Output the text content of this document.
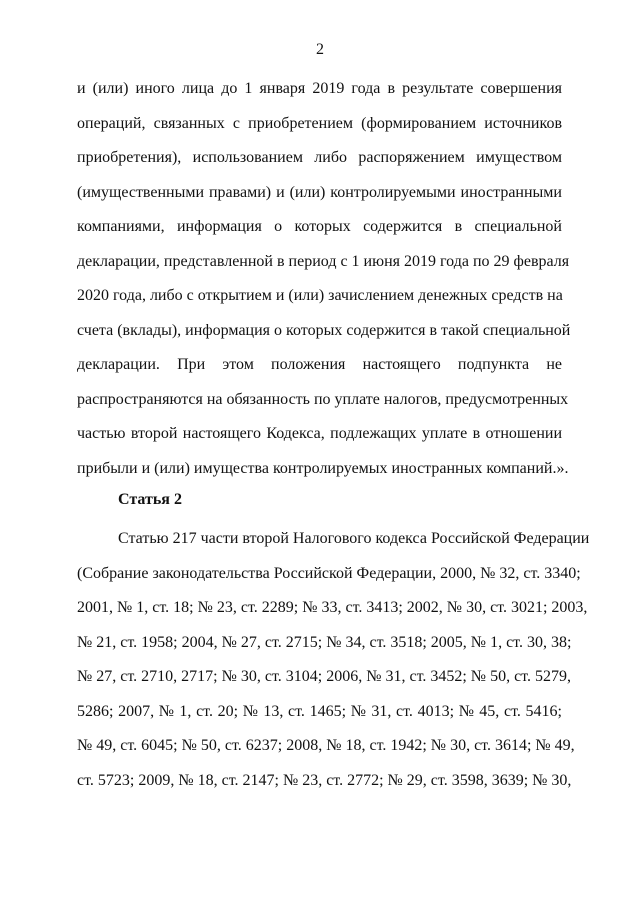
2
и (или) иного лица до 1 января 2019 года в результате совершения
операций, связанных с приобретением (формированием источников
приобретения), использованием либо распоряжением имуществом
(имущественными правами) и (или) контролируемыми иностранными
компаниями, информация о которых содержится в специальной
декларации, представленной в период с 1 июня 2019 года по 29 февраля
2020 года, либо с открытием и (или) зачислением денежных средств на
счета (вклады), информация о которых содержится в такой специальной
декларации. При этом положения настоящего подпункта не
распространяются на обязанность по уплате налогов, предусмотренных
частью второй настоящего Кодекса, подлежащих уплате в отношении
прибыли и (или) имущества контролируемых иностранных компаний.».
Статья 2
Статью 217 части второй Налогового кодекса Российской Федерации
(Собрание законодательства Российской Федерации, 2000, № 32, ст. 3340;
2001, № 1, ст. 18; № 23, ст. 2289; № 33, ст. 3413; 2002, № 30, ст. 3021; 2003,
№ 21, ст. 1958; 2004, № 27, ст. 2715; № 34, ст. 3518; 2005, № 1, ст. 30, 38;
№ 27, ст. 2710, 2717; № 30, ст. 3104; 2006, № 31, ст. 3452; № 50, ст. 5279,
5286; 2007, № 1, ст. 20; № 13, ст. 1465; № 31, ст. 4013; № 45, ст. 5416;
№ 49, ст. 6045; № 50, ст. 6237; 2008, № 18, ст. 1942; № 30, ст. 3614; № 49,
ст. 5723; 2009, № 18, ст. 2147; № 23, ст. 2772; № 29, ст. 3598, 3639; № 30,
